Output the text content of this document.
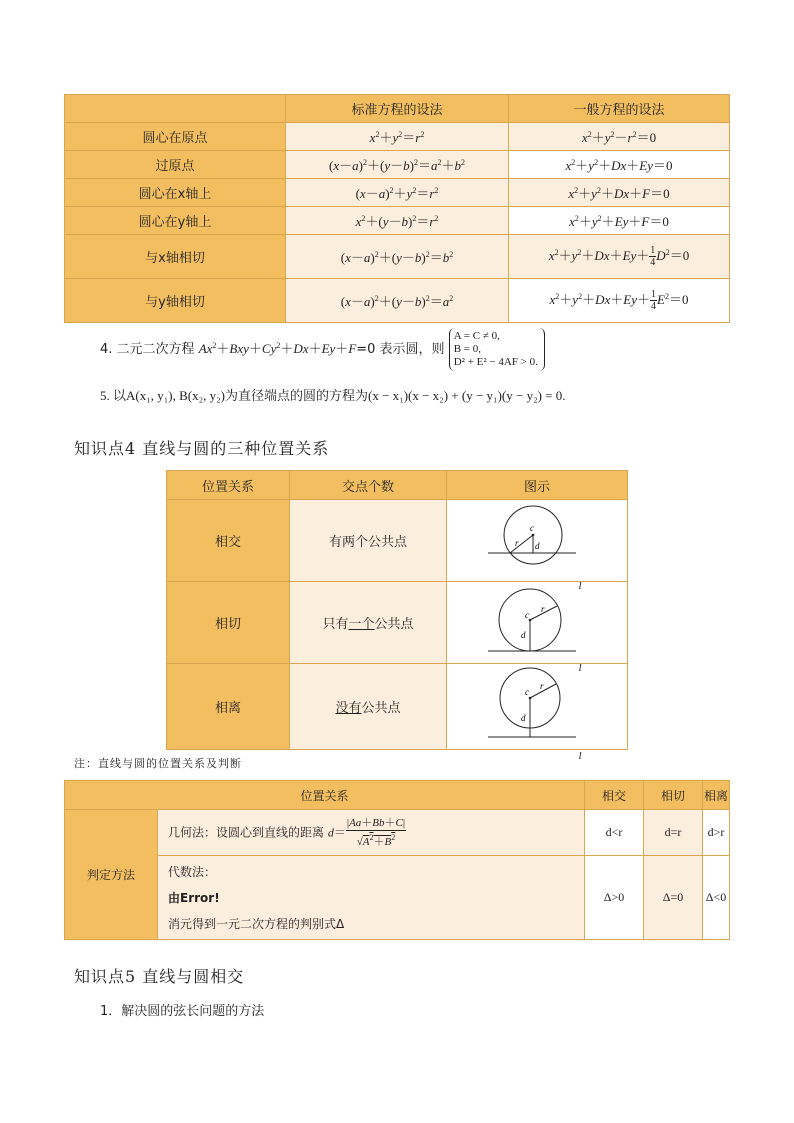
	标准方程的设法	一般方程的设法
圆心在原点	$x^2+y^2=r^2$	$x^2+y^2-r^2=0$
过原点	$(x-a)^2+(y-b)^2=a^2+b^2$	$x^2+y^2+Dx+Ey=0$
圆心在x轴上	$(x-a)^2+y^2=r^2$	$x^2+y^2+Dx+F=0$
圆心在y轴上	$x^2+(y-b)^2=r^2$	$x^2+y^2+Ey+F=0$
与x轴相切	$(x-a)^2+(y-b)^2=b^2$	$x^2+y^2+Dx+Ey+ \frac{1}{4} D^2=0$
与y轴相切	$(x-a)^2+(y-b)^2=a^2$	$x^2+y^2+Dx+Ey+ \frac{1}{4} E^2=0$
4. 二元二次方程 $Ax^2+Bxy+Cy^2+Dx+Ey+F=0$ 表示圆，则
A = C ≠ 0,
B = 0,
D² + E² − 4AF > 0.
5. 以A(x₁, y₁), B(x₂, y₂)为直径端点的圆的方程为(x − x₁)(x − x₂) + (y − y₁)(y − y₂) = 0.
知识点4 直线与圆的三种位置关系
位置关系	交点个数	图示
相交	有两个公共点	c
r d
$_l$
相切	只有一个公共点	c
r
d
$_l$
相离	没有公共点	c
r
d
$_l$
注：直线与圆的位置关系及判断
位置关系		相交	相切	相离
判定方法	几何法：设圆心到直线的距离 $d= \frac{|Aa+Bb+C|}{√A^2+B^2}$	d<r	d=r	d>r

	代数法：
由Error!
消元得到一元二次方程的判别式Δ	Δ>0	Δ=0	Δ<0
知识点5 直线与圆相交
1．解决圆的弦长问题的方法
